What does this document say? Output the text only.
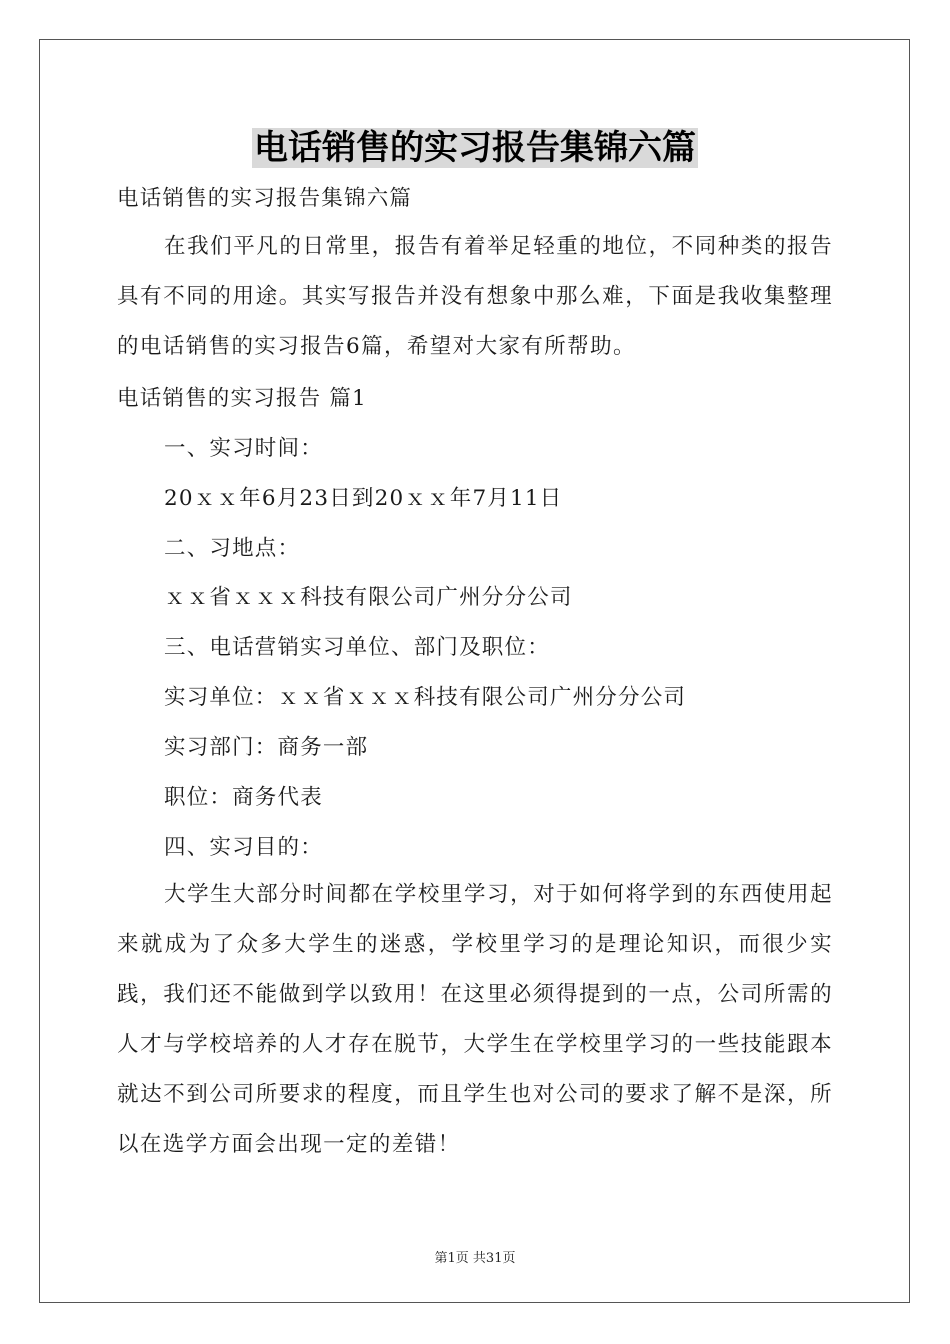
电话销售的实习报告集锦六篇
电话销售的实习报告集锦六篇
在我们平凡的日常里，报告有着举足轻重的地位，不同种类的报告具有不同的用途。其实写报告并没有想象中那么难，下面是我收集整理的电话销售的实习报告6篇，希望对大家有所帮助。
电话销售的实习报告 篇1
一、实习时间：
20ｘｘ年6月23日到20ｘｘ年7月11日
二、习地点：
ｘｘ省ｘｘｘ科技有限公司广州分分公司
三、电话营销实习单位、部门及职位：
实习单位：ｘｘ省ｘｘｘ科技有限公司广州分分公司
实习部门：商务一部
职位：商务代表
四、实习目的：
大学生大部分时间都在学校里学习，对于如何将学到的东西使用起来就成为了众多大学生的迷惑，学校里学习的是理论知识，而很少实践，我们还不能做到学以致用！在这里必须得提到的一点，公司所需的人才与学校培养的人才存在脱节，大学生在学校里学习的一些技能跟本就达不到公司所要求的程度，而且学生也对公司的要求了解不是深，所以在选学方面会出现一定的差错！
第1页 共31页
